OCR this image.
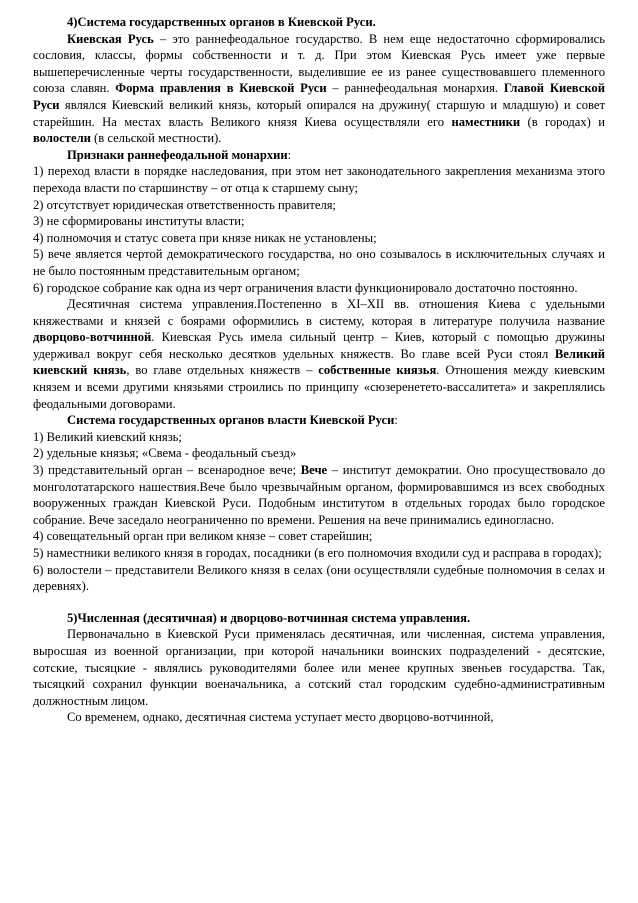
4)Система государственных органов в Киевской Руси.

Киевская Русь – это раннефеодальное государство. В нем еще недостаточно сформировались сословия, классы, формы собственности и т. д. При этом Киевская Русь имеет уже первые вышеперечисленные черты государственности, выделившие ее из ранее существовавшего племенного союза славян. Форма правления в Киевской Руси – раннефеодальная монархия. Главой Киевской Руси являлся Киевский великий князь, который опирался на дружину( старшую и младшую) и совет старейшин. На местах власть Великого князя Киева осуществляли его наместники (в городах) и волостели (в сельской местности).

Признаки раннефеодальной монархии:

1) переход власти в порядке наследования, при этом нет законодательного закрепления механизма этого перехода власти по старшинству – от отца к старшему сыну;
2) отсутствует юридическая ответственность правителя;
3) не сформированы институты власти;
4) полномочия и статус совета при князе никак не установлены;
5) вече является чертой демократического государства, но оно созывалось в исключительных случаях и не было постоянным представительным органом;
6) городское собрание как одна из черт ограничения власти функционировало достаточно постоянно.

Десятичная система управления.Постепенно в XI–XII вв. отношения Киева с удельными княжествами и князей с боярами оформились в систему, которая в литературе получила название дворцово-вотчинной. Киевская Русь имела сильный центр – Киев, который с помощью дружины удерживал вокруг себя несколько десятков удельных княжеств. Во главе всей Руси стоял Великий киевский князь, во главе отдельных княжеств – собственные князья. Отношения между киевским князем и всеми другими князьями строились по принципу «сюзеренетето-вассалитета» и закреплялись феодальными договорами.

Система государственных органов власти Киевской Руси:

1) Великий киевский князь;
2) удельные князья; «Свема - феодальный съезд»
3) представительный орган – всенародное вече; Вече – институт демократии. Оно просуществовало до монголотатарского нашествия.Вече было чрезвычайным органом, формировавшимся из всех свободных вооруженных граждан Киевской Руси. Подобным институтом в отдельных городах было городское собрание. Вече заседало неограниченно по времени. Решения на вече принимались единогласно.
4) совещательный орган при великом князе – совет старейшин;
5) наместники великого князя в городах, посадники (в его полномочия входили суд и расправа в городах);
6) волостели – представители Великого князя в селах (они осуществляли судебные полномочия в селах и деревнях).
5)Численная (десятичная) и дворцово-вотчинная система управления.

Первоначально в Киевской Руси применялась десятичная, или численная, система управления, выросшая из военной организации, при которой начальники воинских подразделений - десятские, сотские, тысяцкие - являлись руководителями более или менее крупных звеньев государства. Так, тысяцкий сохранил функции военачальника, а сотский стал городским судебно-административным должностным лицом.

Со временем, однако, десятичная система уступает место дворцово-вотчинной,
